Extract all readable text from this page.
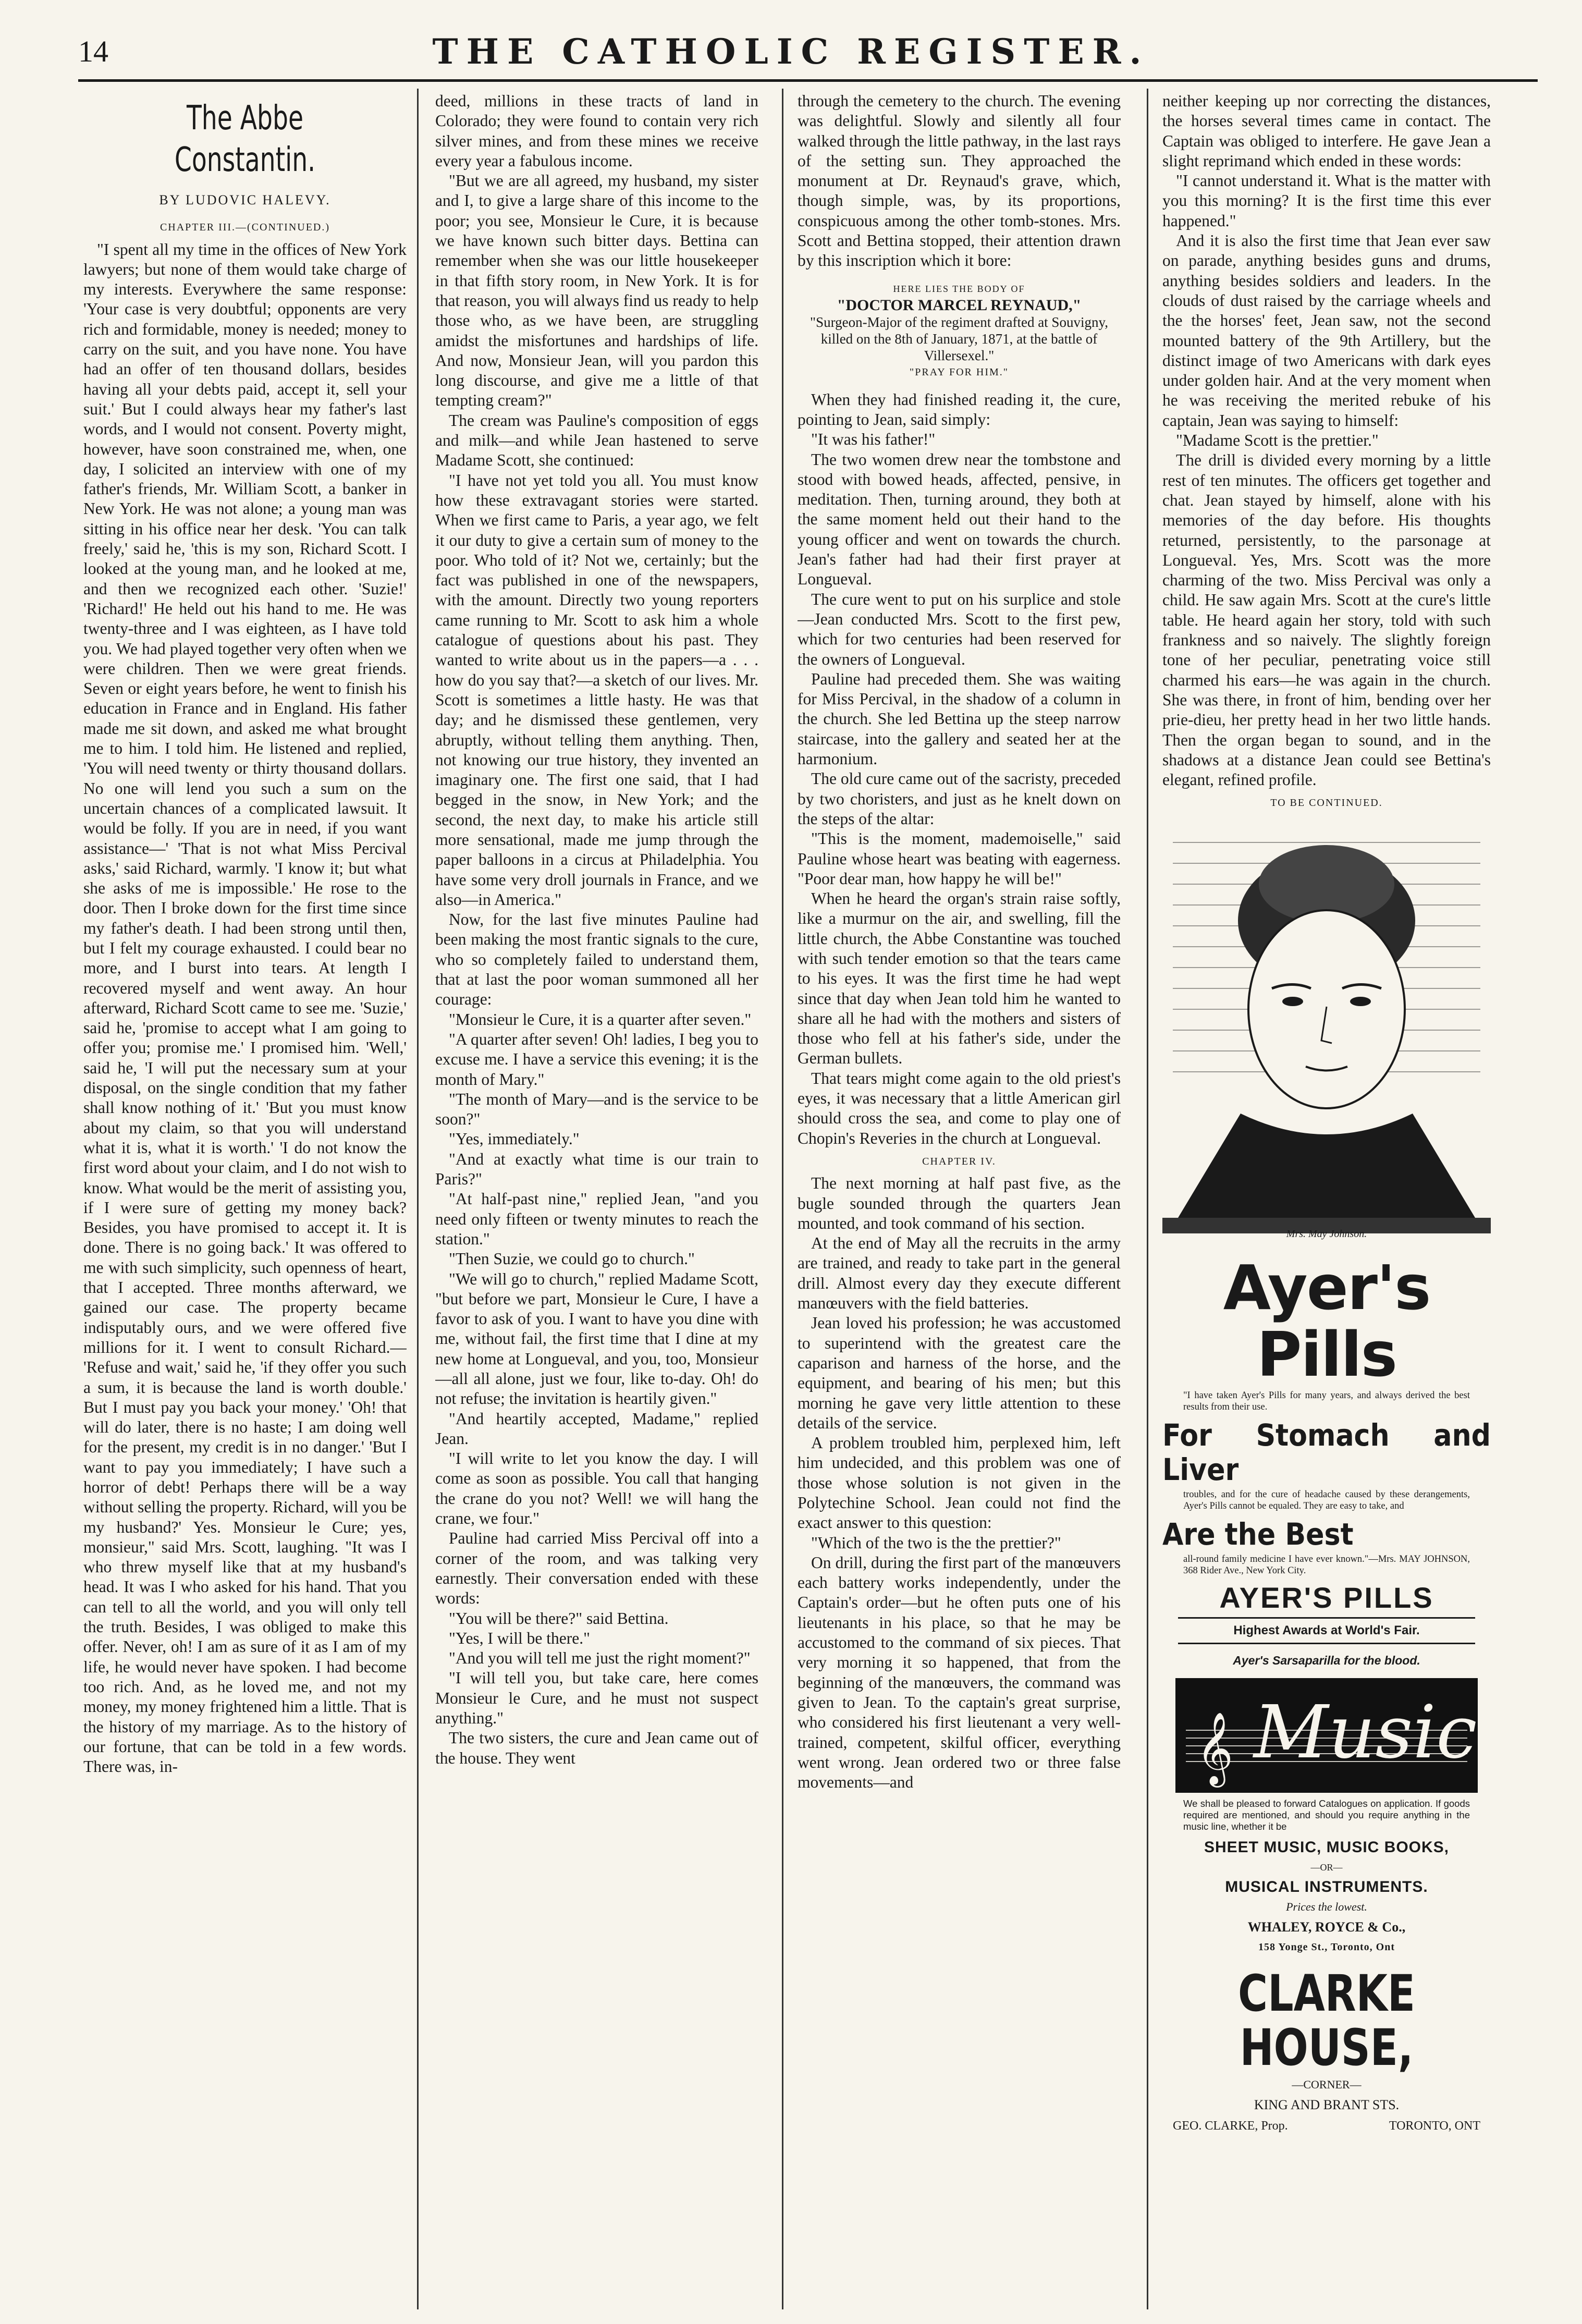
14	THE CATHOLIC REGISTER.
The Abbe Constantin.
BY LUDOVIC HALEVY.
CHAPTER III.—(CONTINUED.)

"I spent all my time in the offices of New York lawyers; but none of them would take charge of my interests. Everywhere the same response: 'Your case is very doubtful; opponents are very rich and formidable, money is needed; money to carry on the suit, and you have none. You have had an offer of ten thousand dollars, besides having all your debts paid, accept it, sell your suit.' But I could always hear my father's last words, and I would not consent. Poverty might, however, have soon constrained me, when, one day, I solicited an interview with one of my father's friends, Mr. William Scott, a banker in New York. He was not alone; a young man was sitting in his office near her desk. 'You can talk freely,' said he, 'this is my son, Richard Scott. I looked at the young man, and he looked at me, and then we recognized each other. 'Suzie!' 'Richard!' He held out his hand to me. He was twenty-three and I was eighteen, as I have told you. We had played together very often when we were children. Then we were great friends. Seven or eight years before, he went to finish his education in France and in England. His father made me sit down, and asked me what brought me to him. I told him. He listened and replied, 'You will need twenty or thirty thousand dollars. No one will lend you such a sum on the uncertain chances of a complicated lawsuit. It would be folly. If you are in need, if you want assistance—' 'That is not what Miss Percival asks,' said Richard, warmly. 'I know it; but what she asks of me is impossible.' He rose to the door. Then I broke down for the first time since my father's death. I had been strong until then, but I felt my courage exhausted. I could bear no more, and I burst into tears. At length I recovered myself and went away. An hour afterward, Richard Scott came to see me. 'Suzie,' said he, 'promise to accept what I am going to offer you; promise me.' I promised him. 'Well,' said he, 'I will put the necessary sum at your disposal, on the single condition that my father shall know nothing of it.' 'But you must know about my claim, so that you will understand what it is, what it is worth.' 'I do not know the first word about your claim, and I do not wish to know. What would be the merit of assisting you, if I were sure of getting my money back? Besides, you have promised to accept it. It is done. There is no going back.' It was offered to me with such simplicity, such openness of heart, that I accepted. Three months afterward, we gained our case. The property became indisputably ours, and we were offered five millions for it. I went to consult Richard.— 'Refuse and wait,' said he, 'if they offer you such a sum, it is because the land is worth double.' But I must pay you back your money.' 'Oh! that will do later, there is no haste; I am doing well for the present, my credit is in no danger.' 'But I want to pay you immediately; I have such a horror of debt! Perhaps there will be a way without selling the property. Richard, will you be my husband?' Yes. Monsieur le Cure; yes, monsieur," said Mrs. Scott, laughing. "It was I who threw myself like that at my husband's head. It was I who asked for his hand. That you can tell to all the world, and you will only tell the truth. Besides, I was obliged to make this offer. Never, oh! I am as sure of it as I am of my life, he would never have spoken. I had become too rich. And, as he loved me, and not my money, my money frightened him a little. That is the history of my marriage. As to the history of our fortune, that can be told in a few words. There was, in-

deed, millions in these tracts of land in Colorado; they were found to contain very rich silver mines, and from these mines we receive every year a fabulous income.

"But we are all agreed, my husband, my sister and I, to give a large share of this income to the poor; you see, Monsieur le Cure, it is because we have known such bitter days. Bettina can remember when she was our little housekeeper in that fifth story room, in New York. It is for that reason, you will always find us ready to help those who, as we have been, are struggling amidst the misfortunes and hardships of life. And now, Monsieur Jean, will you pardon this long discourse, and give me a little of that tempting cream?"

The cream was Pauline's composition of eggs and milk—and while Jean hastened to serve Madame Scott, she continued:

"I have not yet told you all. You must know how these extravagant stories were started. When we first came to Paris, a year ago, we felt it our duty to give a certain sum of money to the poor. Who told of it? Not we, certainly; but the fact was published in one of the newspapers, with the amount. Directly two young reporters came running to Mr. Scott to ask him a whole catalogue of questions about his past. They wanted to write about us in the papers—a . . . how do you say that?—a sketch of our lives. Mr. Scott is sometimes a little hasty. He was that day; and he dismissed these gentlemen, very abruptly, without telling them anything. Then, not knowing our true history, they invented an imaginary one. The first one said, that I had begged in the snow, in New York; and the second, the next day, to make his article still more sensational, made me jump through the paper balloons in a circus at Philadelphia. You have some very droll journals in France, and we also—in America."

Now, for the last five minutes Pauline had been making the most frantic signals to the cure, who so completely failed to understand them, that at last the poor woman summoned all her courage:

"Monsieur le Cure, it is a quarter after seven."

"A quarter after seven! Oh! ladies, I beg you to excuse me. I have a service this evening; it is the month of Mary."

"The month of Mary—and is the service to be soon?"

"Yes, immediately."

"And at exactly what time is our train to Paris?"

"At half-past nine," replied Jean, "and you need only fifteen or twenty minutes to reach the station."

"Then Suzie, we could go to church."

"We will go to church," replied Madame Scott, "but before we part, Monsieur le Cure, I have a favor to ask of you. I want to have you dine with me, without fail, the first time that I dine at my new home at Longueval, and you, too, Monsieur—all all alone, just we four, like to-day. Oh! do not refuse; the invitation is heartily given."

"And heartily accepted, Madame," replied Jean.

"I will write to let you know the day. I will come as soon as possible. You call that hanging the crane do you not? Well! we will hang the crane, we four."

Pauline had carried Miss Percival off into a corner of the room, and was talking very earnestly. Their conversation ended with these words:

"You will be there?" said Bettina.

"Yes, I will be there."

"And you will tell me just the right moment?"

"I will tell you, but take care, here comes Monsieur le Cure, and he must not suspect anything."

The two sisters, the cure and Jean came out of the house. They went

through the cemetery to the church. The evening was delightful. Slowly and silently all four walked through the little pathway, in the last rays of the setting sun. They approached the monument at Dr. Reynaud's grave, which, though simple, was, by its proportions, conspicuous among the other tomb-stones. Mrs. Scott and Bettina stopped, their attention drawn by this inscription which it bore:

HERE LIES THE BODY OF
"DOCTOR MARCEL REYNAUD,"
"Surgeon-Major of the regiment drafted at Souvigny, killed on the 8th of January, 1871, at the battle of Villersexel."
"PRAY FOR HIM."

When they had finished reading it, the cure, pointing to Jean, said simply:

"It was his father!"

The two women drew near the tombstone and stood with bowed heads, affected, pensive, in meditation. Then, turning around, they both at the same moment held out their hand to the young officer and went on towards the church. Jean's father had had their first prayer at Longueval.

The cure went to put on his surplice and stole—Jean conducted Mrs. Scott to the first pew, which for two centuries had been reserved for the owners of Longueval.

Pauline had preceded them. She was waiting for Miss Percival, in the shadow of a column in the church. She led Bettina up the steep narrow staircase, into the gallery and seated her at the harmonium.

The old cure came out of the sacristy, preceded by two choristers, and just as he knelt down on the steps of the altar:

"This is the moment, mademoiselle," said Pauline whose heart was beating with eagerness. "Poor dear man, how happy he will be!"

When he heard the organ's strain raise softly, like a murmur on the air, and swelling, fill the little church, the Abbe Constantine was touched with such tender emotion so that the tears came to his eyes. It was the first time he had wept since that day when Jean told him he wanted to share all he had with the mothers and sisters of those who fell at his father's side, under the German bullets.

That tears might come again to the old priest's eyes, it was necessary that a little American girl should cross the sea, and come to play one of Chopin's Reveries in the church at Longueval.

CHAPTER IV.

The next morning at half past five, as the bugle sounded through the quarters Jean mounted, and took command of his section.

At the end of May all the recruits in the army are trained, and ready to take part in the general drill. Almost every day they execute different manœuvers with the field batteries.

Jean loved his profession; he was accustomed to superintend with the greatest care the caparison and harness of the horse, and the equipment, and bearing of his men; but this morning he gave very little attention to these details of the service.

A problem troubled him, perplexed him, left him undecided, and this problem was one of those whose solution is not given in the Polytechine School. Jean could not find the exact answer to this question:

"Which of the two is the the prettier?"

On drill, during the first part of the manœuvers each battery works independently, under the Captain's order—but he often puts one of his lieutenants in his place, so that he may be accustomed to the command of six pieces. That very morning it so happened, that from the beginning of the manœuvers, the command was given to Jean. To the captain's great surprise, who considered his first lieutenant a very well-trained, competent, skilful officer, everything went wrong. Jean ordered two or three false movements—and

neither keeping up nor correcting the distances, the horses several times came in contact. The Captain was obliged to interfere. He gave Jean a slight reprimand which ended in these words:

"I cannot understand it. What is the matter with you this morning? It is the first time this ever happened."

And it is also the first time that Jean ever saw on parade, anything besides guns and drums, anything besides soldiers and leaders. In the clouds of dust raised by the carriage wheels and the the horses' feet, Jean saw, not the second mounted battery of the 9th Artillery, but the distinct image of two Americans with dark eyes under golden hair. And at the very moment when he was receiving the merited rebuke of his captain, Jean was saying to himself:

"Madame Scott is the prettier."

The drill is divided every morning by a little rest of ten minutes. The officers get together and chat. Jean stayed by himself, alone with his memories of the day before. His thoughts returned, persistently, to the parsonage at Longueval. Yes, Mrs. Scott was the more charming of the two. Miss Percival was only a child. He saw again Mrs. Scott at the cure's little table. He heard again her story, told with such frankness and so naively. The slightly foreign tone of her peculiar, penetrating voice still charmed his ears—he was again in the church. She was there, in front of him, bending over her prie-dieu, her pretty head in her two little hands. Then the organ began to sound, and in the shadows at a distance Jean could see Bettina's elegant, refined profile.

TO BE CONTINUED.
Mrs. May Johnson.
Ayer's Pills
"I have taken Ayer's Pills for many years, and always derived the best results from their use.
For Stomach and Liver
troubles, and for the cure of headache caused by these derangements, Ayer's Pills cannot be equaled. They are easy to take, and
Are the Best
all-round family medicine I have ever known."—Mrs. MAY JOHNSON, 368 Rider Ave., New York City.
AYER'S PILLS
Highest Awards at World's Fair.
Ayer's Sarsaparilla for the blood.
𝄞 Music
We shall be pleased to forward Catalogues on application. If goods required are mentioned, and should you require anything in the music line, whether it be
SHEET MUSIC, MUSIC BOOKS,
—OR—
MUSICAL INSTRUMENTS.
Prices the lowest.
WHALEY, ROYCE & Co.,
158 Yonge St., Toronto, Ont
CLARKE HOUSE,
—CORNER—
KING AND BRANT STS.
GEO. CLARKE, Prop.	TORONTO, ONT
